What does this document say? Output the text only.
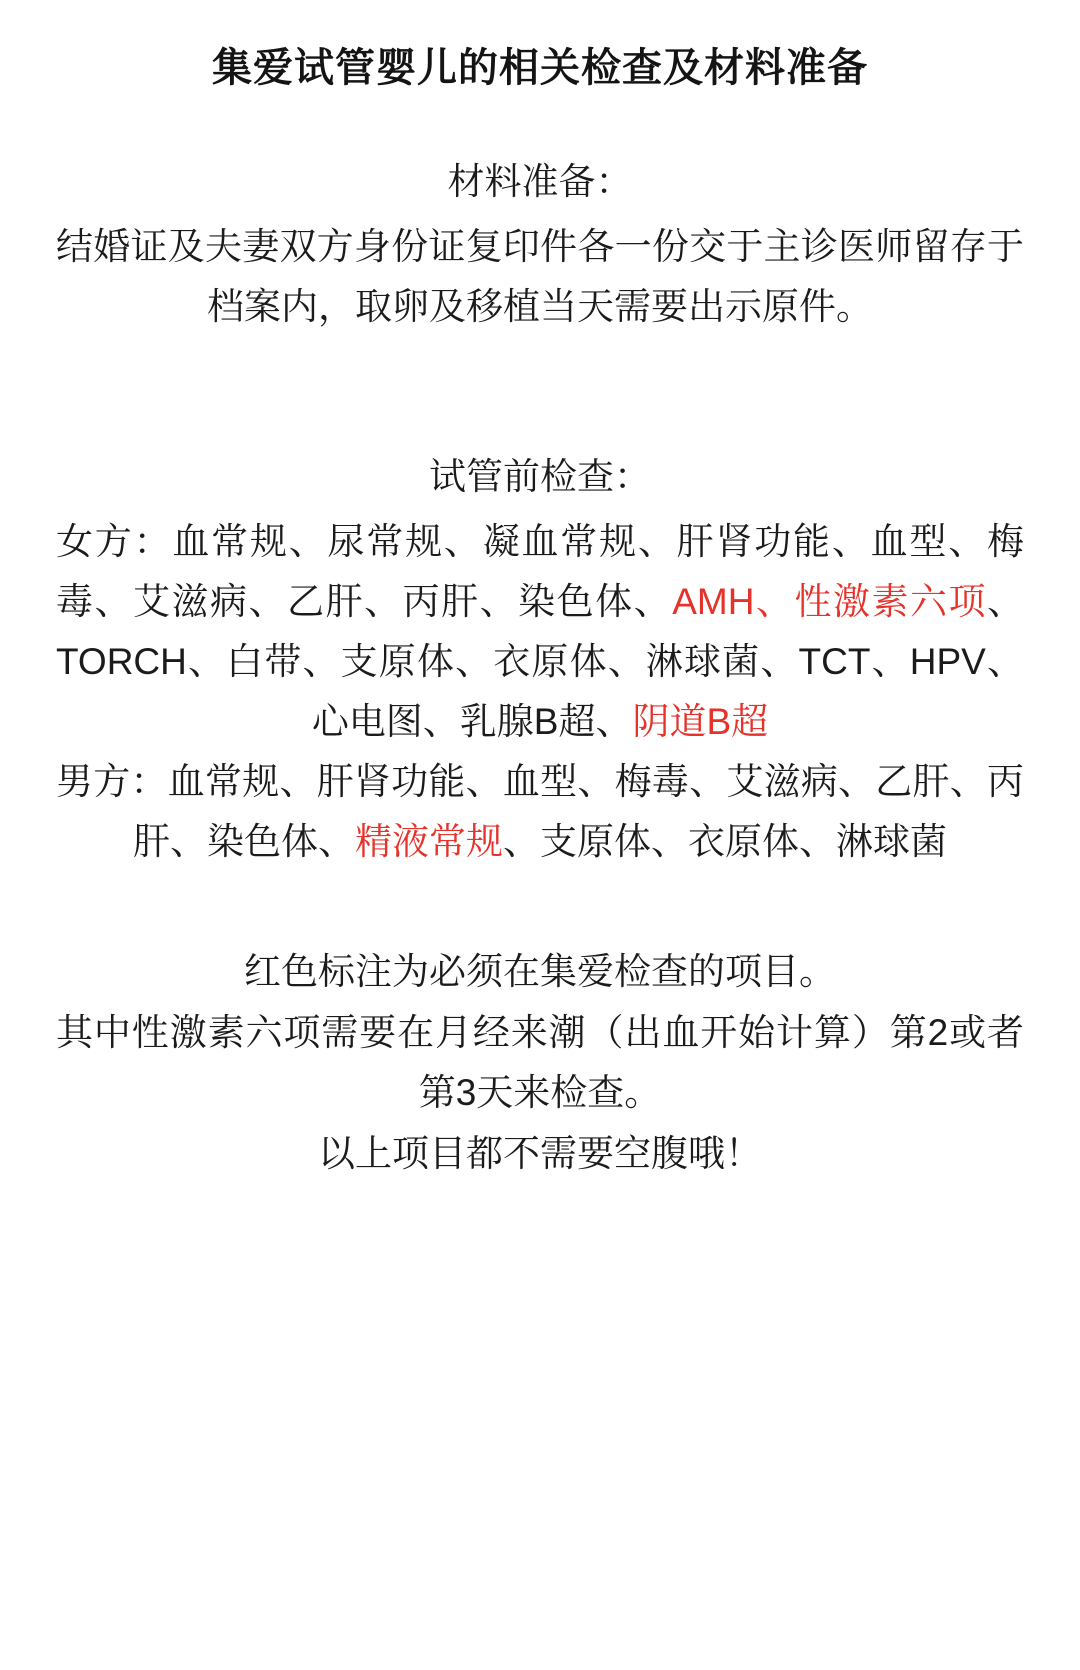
集爱试管婴儿的相关检查及材料准备
材料准备：
结婚证及夫妻双方身份证复印件各一份交于主诊医师留存于档案内，取卵及移植当天需要出示原件。
试管前检查：
女方：血常规、尿常规、凝血常规、肝肾功能、血型、梅毒、艾滋病、乙肝、丙肝、染色体、AMH、性激素六项、TORCH、白带、支原体、衣原体、淋球菌、TCT、HPV、心电图、乳腺B超、阴道B超
男方：血常规、肝肾功能、血型、梅毒、艾滋病、乙肝、丙肝、染色体、精液常规、支原体、衣原体、淋球菌
红色标注为必须在集爱检查的项目。
其中性激素六项需要在月经来潮（出血开始计算）第2或者第3天来检查。
以上项目都不需要空腹哦！
